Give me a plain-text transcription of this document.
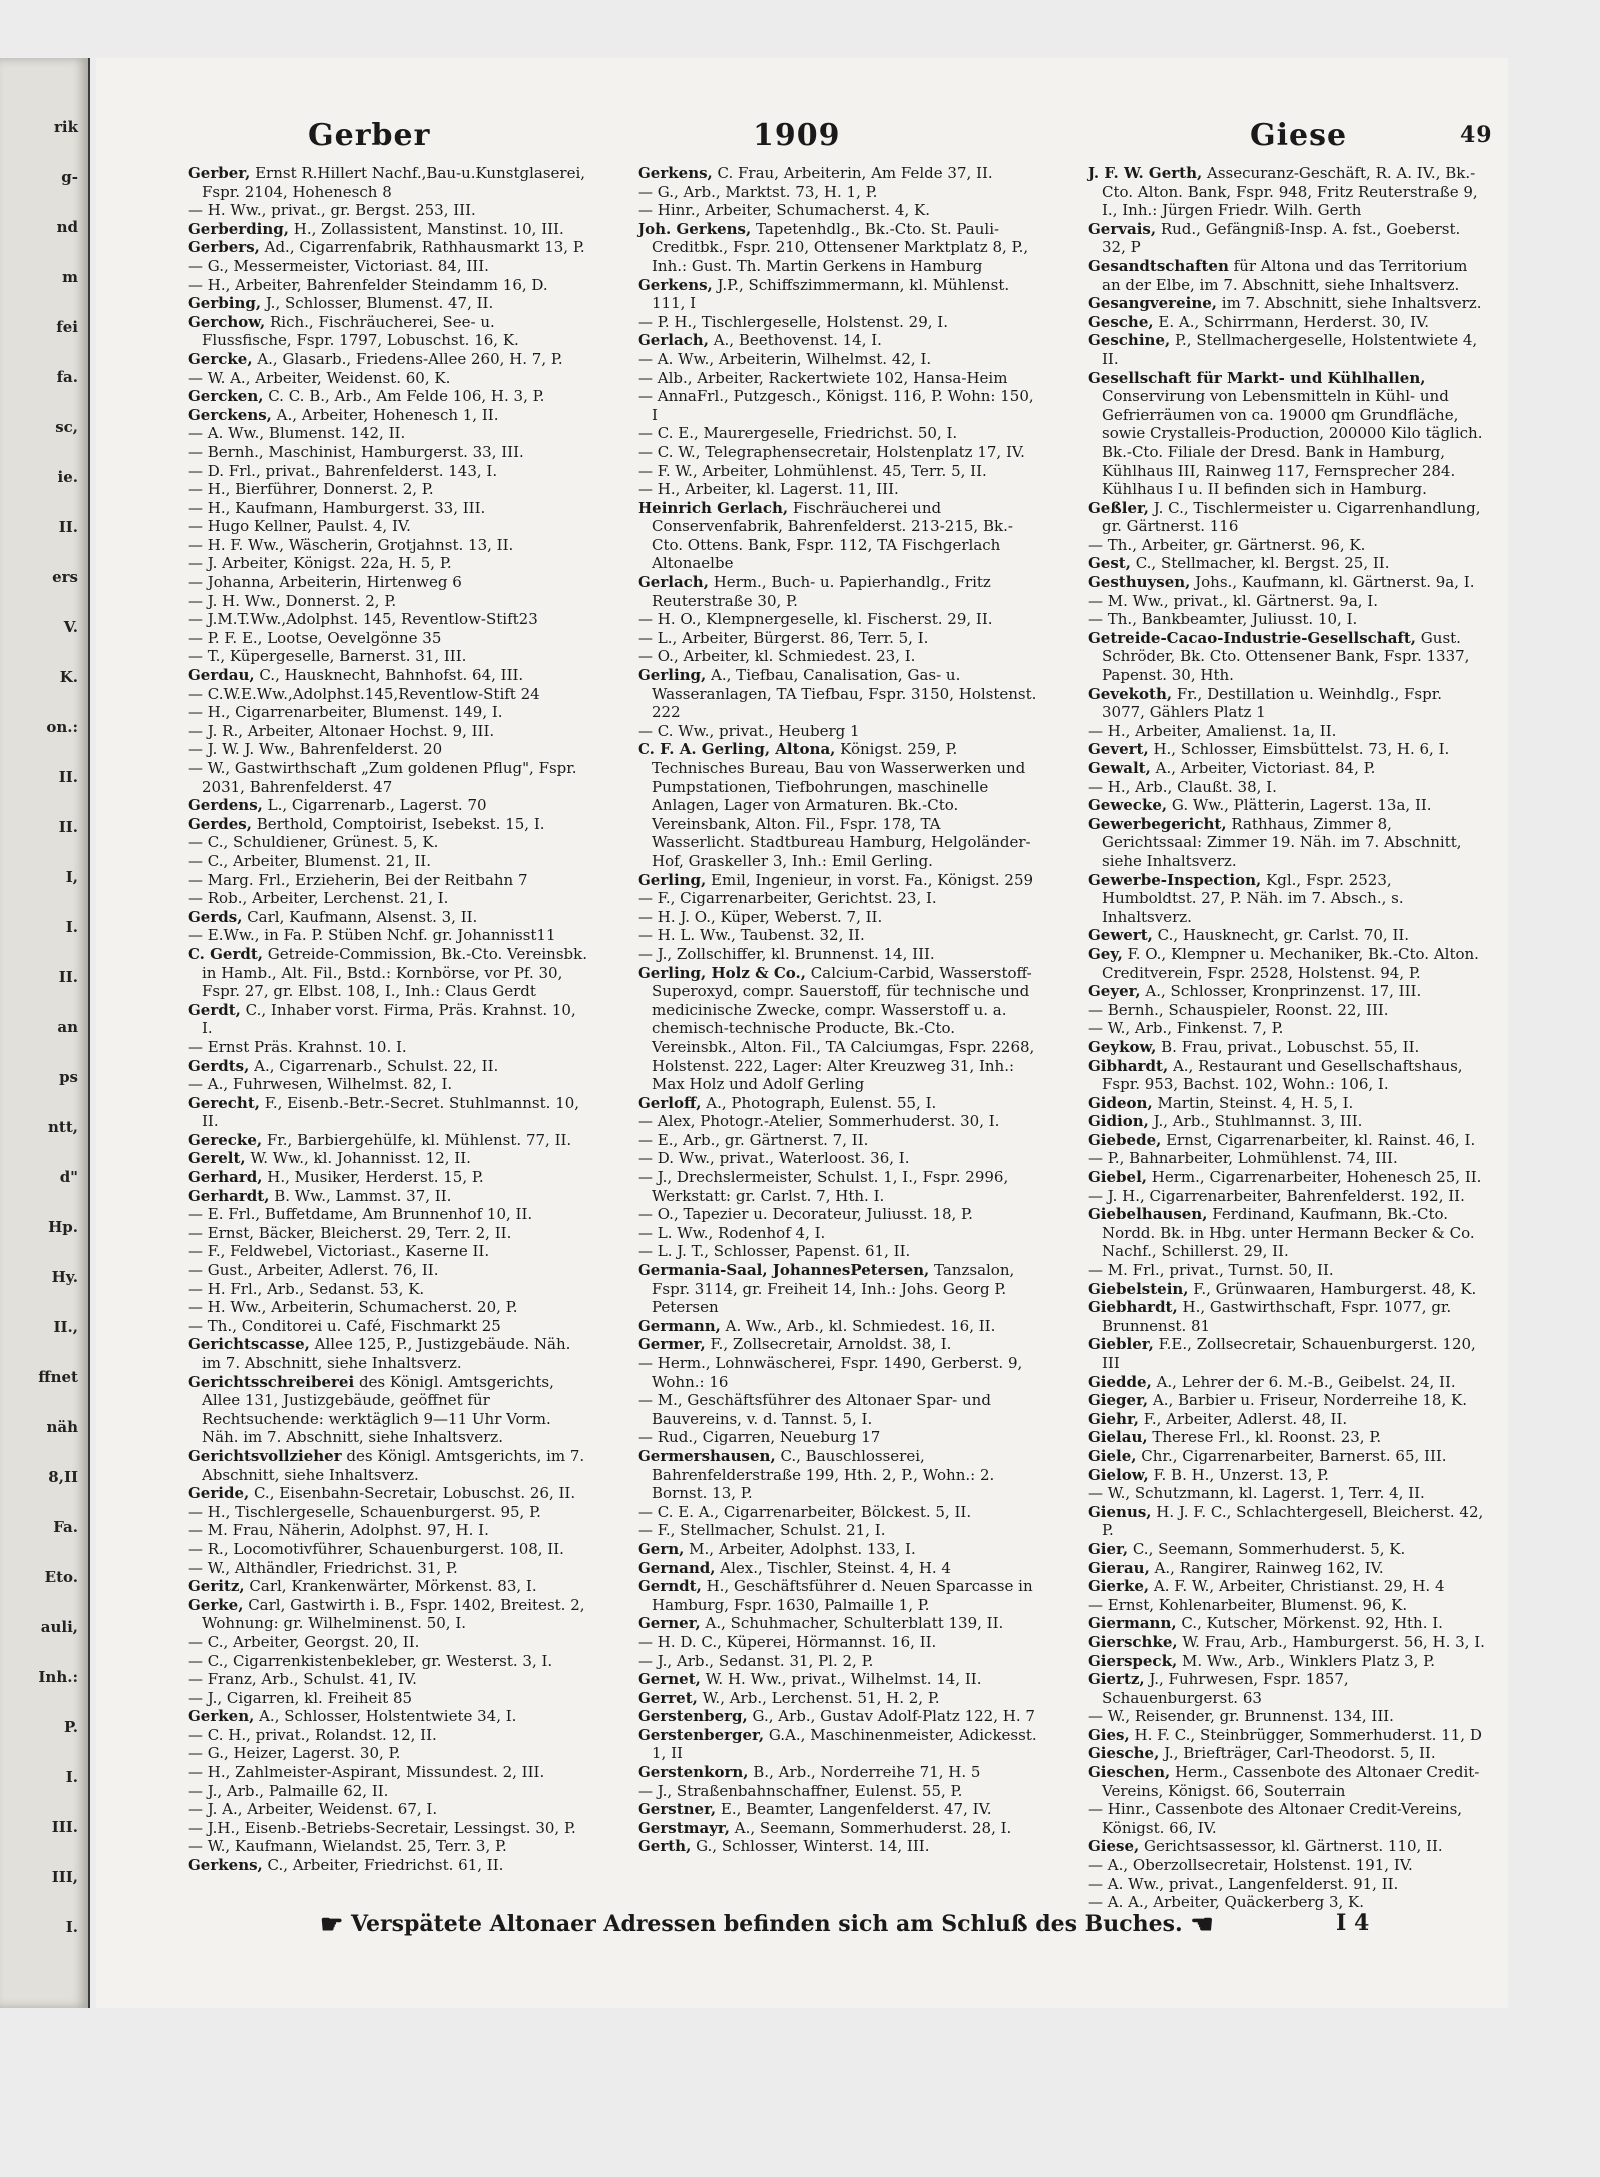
rik
g-
nd
m
fei
fa.
sc,
ie.
II.
ers
V.
K.
on.:
II.
II.
I,
I.
II.
an
ps
ntt,
d"
Hp.
Hy.
II.,
ffnet
näh
8,II
Fa.
Eto.
auli,
Inh.:
P.
I.
III.
III,
I.
Gerber	1909	Giese	49

Gerber, Ernst R.Hillert Nachf.,Bau-u.Kunstglaserei, Fspr. 2104, Hohenesch 8

— H. Ww., privat., gr. Bergst. 253, III.

Gerberding, H., Zollassistent, Manstinst. 10, III.

Gerbers, Ad., Cigarrenfabrik, Rathhausmarkt 13, P.

— G., Messermeister, Victoriast. 84, III.

— H., Arbeiter, Bahrenfelder Steindamm 16, D.

Gerbing, J., Schlosser, Blumenst. 47, II.

Gerchow, Rich., Fischräucherei, See- u. Flussfische, Fspr. 1797, Lobuschst. 16, K.

Gercke, A., Glasarb., Friedens-Allee 260, H. 7, P.

— W. A., Arbeiter, Weidenst. 60, K.

Gercken, C. C. B., Arb., Am Felde 106, H. 3, P.

Gerckens, A., Arbeiter, Hohenesch 1, II.

— A. Ww., Blumenst. 142, II.

— Bernh., Maschinist, Hamburgerst. 33, III.

— D. Frl., privat., Bahrenfelderst. 143, I.

— H., Bierführer, Donnerst. 2, P.

— H., Kaufmann, Hamburgerst. 33, III.

— Hugo Kellner, Paulst. 4, IV.

— H. F. Ww., Wäscherin, Grotjahnst. 13, II.

— J. Arbeiter, Königst. 22a, H. 5, P.

— Johanna, Arbeiterin, Hirtenweg 6

— J. H. Ww., Donnerst. 2, P.

— J.M.T.Ww.,Adolphst. 145, Reventlow-Stift23

— P. F. E., Lootse, Oevelgönne 35

— T., Küpergeselle, Barnerst. 31, III.

Gerdau, C., Hausknecht, Bahnhofst. 64, III.

— C.W.E.Ww.,Adolphst.145,Reventlow-Stift 24

— H., Cigarrenarbeiter, Blumenst. 149, I.

— J. R., Arbeiter, Altonaer Hochst. 9, III.

— J. W. J. Ww., Bahrenfelderst. 20

— W., Gastwirthschaft „Zum goldenen Pflug", Fspr. 2031, Bahrenfelderst. 47

Gerdens, L., Cigarrenarb., Lagerst. 70

Gerdes, Berthold, Comptoirist, Isebekst. 15, I.

— C., Schuldiener, Grünest. 5, K.

— C., Arbeiter, Blumenst. 21, II.

— Marg. Frl., Erzieherin, Bei der Reitbahn 7

— Rob., Arbeiter, Lerchenst. 21, I.

Gerds, Carl, Kaufmann, Alsenst. 3, II.

— E.Ww., in Fa. P. Stüben Nchf. gr. Johannisst11

C. Gerdt, Getreide-Commission, Bk.-Cto. Vereinsbk. in Hamb., Alt. Fil., Bstd.: Kornbörse, vor Pf. 30, Fspr. 27, gr. Elbst. 108, I., Inh.: Claus Gerdt

Gerdt, C., Inhaber vorst. Firma, Präs. Krahnst. 10, I.

— Ernst Präs. Krahnst. 10. I.

Gerdts, A., Cigarrenarb., Schulst. 22, II.

— A., Fuhrwesen, Wilhelmst. 82, I.

Gerecht, F., Eisenb.-Betr.-Secret. Stuhlmannst. 10, II.

Gerecke, Fr., Barbiergehülfe, kl. Mühlenst. 77, II.

Gerelt, W. Ww., kl. Johannisst. 12, II.

Gerhard, H., Musiker, Herderst. 15, P.

Gerhardt, B. Ww., Lammst. 37, II.

— E. Frl., Buffetdame, Am Brunnenhof 10, II.

— Ernst, Bäcker, Bleicherst. 29, Terr. 2, II.

— F., Feldwebel, Victoriast., Kaserne II.

— Gust., Arbeiter, Adlerst. 76, II.

— H. Frl., Arb., Sedanst. 53, K.

— H. Ww., Arbeiterin, Schumacherst. 20, P.

— Th., Conditorei u. Café, Fischmarkt 25

Gerichtscasse, Allee 125, P., Justizgebäude. Näh. im 7. Abschnitt, siehe Inhaltsverz.

Gerichtsschreiberei des Königl. Amtsgerichts, Allee 131, Justizgebäude, geöffnet für Rechtsuchende: werktäglich 9—11 Uhr Vorm. Näh. im 7. Abschnitt, siehe Inhaltsverz.

Gerichtsvollzieher des Königl. Amtsgerichts, im 7. Abschnitt, siehe Inhaltsverz.

Geride, C., Eisenbahn-Secretair, Lobuschst. 26, II.

— H., Tischlergeselle, Schauenburgerst. 95, P.

— M. Frau, Näherin, Adolphst. 97, H. I.

— R., Locomotivführer, Schauenburgerst. 108, II.

— W., Althändler, Friedrichst. 31, P.

Geritz, Carl, Krankenwärter, Mörkenst. 83, I.

Gerke, Carl, Gastwirth i. B., Fspr. 1402, Breitest. 2, Wohnung: gr. Wilhelminenst. 50, I.

— C., Arbeiter, Georgst. 20, II.

— C., Cigarrenkistenbekleber, gr. Westerst. 3, I.

— Franz, Arb., Schulst. 41, IV.

— J., Cigarren, kl. Freiheit 85

Gerken, A., Schlosser, Holstentwiete 34, I.

— C. H., privat., Rolandst. 12, II.

— G., Heizer, Lagerst. 30, P.

— H., Zahlmeister-Aspirant, Missundest. 2, III.

— J., Arb., Palmaille 62, II.

— J. A., Arbeiter, Weidenst. 67, I.

— J.H., Eisenb.-Betriebs-Secretair, Lessingst. 30, P.

— W., Kaufmann, Wielandst. 25, Terr. 3, P.

Gerkens, C., Arbeiter, Friedrichst. 61, II.

Gerkens, C. Frau, Arbeiterin, Am Felde 37, II.

— G., Arb., Marktst. 73, H. 1, P.

— Hinr., Arbeiter, Schumacherst. 4, K.

Joh. Gerkens, Tapetenhdlg., Bk.-Cto. St. Pauli-Creditbk., Fspr. 210, Ottensener Marktplatz 8, P., Inh.: Gust. Th. Martin Gerkens in Hamburg

Gerkens, J.P., Schiffszimmermann, kl. Mühlenst. 111, I

— P. H., Tischlergeselle, Holstenst. 29, I.

Gerlach, A., Beethovenst. 14, I.

— A. Ww., Arbeiterin, Wilhelmst. 42, I.

— Alb., Arbeiter, Rackertwiete 102, Hansa-Heim

— AnnaFrl., Putzgesch., Königst. 116, P. Wohn: 150, I

— C. E., Maurergeselle, Friedrichst. 50, I.

— C. W., Telegraphensecretair, Holstenplatz 17, IV.

— F. W., Arbeiter, Lohmühlenst. 45, Terr. 5, II.

— H., Arbeiter, kl. Lagerst. 11, III.

Heinrich Gerlach, Fischräucherei und Conservenfabrik, Bahrenfelderst. 213-215, Bk.-Cto. Ottens. Bank, Fspr. 112, TA Fischgerlach Altonaelbe

Gerlach, Herm., Buch- u. Papierhandlg., Fritz Reuterstraße 30, P.

— H. O., Klempnergeselle, kl. Fischerst. 29, II.

— L., Arbeiter, Bürgerst. 86, Terr. 5, I.

— O., Arbeiter, kl. Schmiedest. 23, I.

Gerling, A., Tiefbau, Canalisation, Gas- u. Wasseranlagen, TA Tiefbau, Fspr. 3150, Holstenst. 222

— C. Ww., privat., Heuberg 1

C. F. A. Gerling, Altona, Königst. 259, P. Technisches Bureau, Bau von Wasserwerken und Pumpstationen, Tiefbohrungen, maschinelle Anlagen, Lager von Armaturen. Bk.-Cto. Vereinsbank, Alton. Fil., Fspr. 178, TA Wasserlicht. Stadtbureau Hamburg, Helgoländer-Hof, Graskeller 3, Inh.: Emil Gerling.

Gerling, Emil, Ingenieur, in vorst. Fa., Königst. 259

— F., Cigarrenarbeiter, Gerichtst. 23, I.

— H. J. O., Küper, Weberst. 7, II.

— H. L. Ww., Taubenst. 32, II.

— J., Zollschiffer, kl. Brunnenst. 14, III.

Gerling, Holz & Co., Calcium-Carbid, Wasserstoff-Superoxyd, compr. Sauerstoff, für technische und medicinische Zwecke, compr. Wasserstoff u. a. chemisch-technische Producte, Bk.-Cto. Vereinsbk., Alton. Fil., TA Calciumgas, Fspr. 2268, Holstenst. 222, Lager: Alter Kreuzweg 31, Inh.: Max Holz und Adolf Gerling

Gerloff, A., Photograph, Eulenst. 55, I.

— Alex, Photogr.-Atelier, Sommerhuderst. 30, I.

— E., Arb., gr. Gärtnerst. 7, II.

— D. Ww., privat., Waterloost. 36, I.

— J., Drechslermeister, Schulst. 1, I., Fspr. 2996, Werkstatt: gr. Carlst. 7, Hth. I.

— O., Tapezier u. Decorateur, Juliusst. 18, P.

— L. Ww., Rodenhof 4, I.

— L. J. T., Schlosser, Papenst. 61, II.

Germania-Saal, JohannesPetersen, Tanzsalon, Fspr. 3114, gr. Freiheit 14, Inh.: Johs. Georg P. Petersen

Germann, A. Ww., Arb., kl. Schmiedest. 16, II.

Germer, F., Zollsecretair, Arnoldst. 38, I.

— Herm., Lohnwäscherei, Fspr. 1490, Gerberst. 9, Wohn.: 16

— M., Geschäftsführer des Altonaer Spar- und Bauvereins, v. d. Tannst. 5, I.

— Rud., Cigarren, Neueburg 17

Germershausen, C., Bauschlosserei, Bahrenfelderstraße 199, Hth. 2, P., Wohn.: 2. Bornst. 13, P.

— C. E. A., Cigarrenarbeiter, Bölckest. 5, II.

— F., Stellmacher, Schulst. 21, I.

Gern, M., Arbeiter, Adolphst. 133, I.

Gernand, Alex., Tischler, Steinst. 4, H. 4

Gerndt, H., Geschäftsführer d. Neuen Sparcasse in Hamburg, Fspr. 1630, Palmaille 1, P.

Gerner, A., Schuhmacher, Schulterblatt 139, II.

— H. D. C., Küperei, Hörmannst. 16, II.

— J., Arb., Sedanst. 31, Pl. 2, P.

Gernet, W. H. Ww., privat., Wilhelmst. 14, II.

Gerret, W., Arb., Lerchenst. 51, H. 2, P.

Gerstenberg, G., Arb., Gustav Adolf-Platz 122, H. 7

Gerstenberger, G.A., Maschinenmeister, Adickesst. 1, II

Gerstenkorn, B., Arb., Norderreihe 71, H. 5

— J., Straßenbahnschaffner, Eulenst. 55, P.

Gerstner, E., Beamter, Langenfelderst. 47, IV.

Gerstmayr, A., Seemann, Sommerhuderst. 28, I.

Gerth, G., Schlosser, Winterst. 14, III.

J. F. W. Gerth, Assecuranz-Geschäft, R. A. IV., Bk.-Cto. Alton. Bank, Fspr. 948, Fritz Reuterstraße 9, I., Inh.: Jürgen Friedr. Wilh. Gerth

Gervais, Rud., Gefängniß-Insp. A. fst., Goeberst. 32, P

Gesandtschaften für Altona und das Territorium an der Elbe, im 7. Abschnitt, siehe Inhaltsverz.

Gesangvereine, im 7. Abschnitt, siehe Inhaltsverz.

Gesche, E. A., Schirrmann, Herderst. 30, IV.

Geschine, P., Stellmachergeselle, Holstentwiete 4, II.

Gesellschaft für Markt- und Kühlhallen, Conservirung von Lebensmitteln in Kühl- und Gefrierräumen von ca. 19000 qm Grundfläche, sowie Crystalleis-Production, 200000 Kilo täglich. Bk.-Cto. Filiale der Dresd. Bank in Hamburg, Kühlhaus III, Rainweg 117, Fernsprecher 284. Kühlhaus I u. II befinden sich in Hamburg.

Geßler, J. C., Tischlermeister u. Cigarrenhandlung, gr. Gärtnerst. 116

— Th., Arbeiter, gr. Gärtnerst. 96, K.

Gest, C., Stellmacher, kl. Bergst. 25, II.

Gesthuysen, Johs., Kaufmann, kl. Gärtnerst. 9a, I.

— M. Ww., privat., kl. Gärtnerst. 9a, I.

— Th., Bankbeamter, Juliusst. 10, I.

Getreide-Cacao-Industrie-Gesellschaft, Gust. Schröder, Bk. Cto. Ottensener Bank, Fspr. 1337, Papenst. 30, Hth.

Gevekoth, Fr., Destillation u. Weinhdlg., Fspr. 3077, Gählers Platz 1

— H., Arbeiter, Amalienst. 1a, II.

Gevert, H., Schlosser, Eimsbüttelst. 73, H. 6, I.

Gewalt, A., Arbeiter, Victoriast. 84, P.

— H., Arb., Claußt. 38, I.

Gewecke, G. Ww., Plätterin, Lagerst. 13a, II.

Gewerbegericht, Rathhaus, Zimmer 8, Gerichtssaal: Zimmer 19. Näh. im 7. Abschnitt, siehe Inhaltsverz.

Gewerbe-Inspection, Kgl., Fspr. 2523, Humboldtst. 27, P. Näh. im 7. Absch., s. Inhaltsverz.

Gewert, C., Hausknecht, gr. Carlst. 70, II.

Gey, F. O., Klempner u. Mechaniker, Bk.-Cto. Alton. Creditverein, Fspr. 2528, Holstenst. 94, P.

Geyer, A., Schlosser, Kronprinzenst. 17, III.

— Bernh., Schauspieler, Roonst. 22, III.

— W., Arb., Finkenst. 7, P.

Geykow, B. Frau, privat., Lobuschst. 55, II.

Gibhardt, A., Restaurant und Gesellschaftshaus, Fspr. 953, Bachst. 102, Wohn.: 106, I.

Gideon, Martin, Steinst. 4, H. 5, I.

Gidion, J., Arb., Stuhlmannst. 3, III.

Giebede, Ernst, Cigarrenarbeiter, kl. Rainst. 46, I.

— P., Bahnarbeiter, Lohmühlenst. 74, III.

Giebel, Herm., Cigarrenarbeiter, Hohenesch 25, II.

— J. H., Cigarrenarbeiter, Bahrenfelderst. 192, II.

Giebelhausen, Ferdinand, Kaufmann, Bk.-Cto. Nordd. Bk. in Hbg. unter Hermann Becker & Co. Nachf., Schillerst. 29, II.

— M. Frl., privat., Turnst. 50, II.

Giebelstein, F., Grünwaaren, Hamburgerst. 48, K.

Giebhardt, H., Gastwirthschaft, Fspr. 1077, gr. Brunnenst. 81

Giebler, F.E., Zollsecretair, Schauenburgerst. 120, III

Giedde, A., Lehrer der 6. M.-B., Geibelst. 24, II.

Gieger, A., Barbier u. Friseur, Norderreihe 18, K.

Giehr, F., Arbeiter, Adlerst. 48, II.

Gielau, Therese Frl., kl. Roonst. 23, P.

Giele, Chr., Cigarrenarbeiter, Barnerst. 65, III.

Gielow, F. B. H., Unzerst. 13, P.

— W., Schutzmann, kl. Lagerst. 1, Terr. 4, II.

Gienus, H. J. F. C., Schlachtergesell, Bleicherst. 42, P.

Gier, C., Seemann, Sommerhuderst. 5, K.

Gierau, A., Rangirer, Rainweg 162, IV.

Gierke, A. F. W., Arbeiter, Christianst. 29, H. 4

— Ernst, Kohlenarbeiter, Blumenst. 96, K.

Giermann, C., Kutscher, Mörkenst. 92, Hth. I.

Gierschke, W. Frau, Arb., Hamburgerst. 56, H. 3, I.

Gierspeck, M. Ww., Arb., Winklers Platz 3, P.

Giertz, J., Fuhrwesen, Fspr. 1857, Schauenburgerst. 63

— W., Reisender, gr. Brunnenst. 134, III.

Gies, H. F. C., Steinbrügger, Sommerhuderst. 11, D

Giesche, J., Briefträger, Carl-Theodorst. 5, II.

Gieschen, Herm., Cassenbote des Altonaer Credit-Vereins, Königst. 66, Souterrain

— Hinr., Cassenbote des Altonaer Credit-Vereins, Königst. 66, IV.

Giese, Gerichtsassessor, kl. Gärtnerst. 110, II.

— A., Oberzollsecretair, Holstenst. 191, IV.

— A. Ww., privat., Langenfelderst. 91, II.

— A. A., Arbeiter, Quäckerberg 3, K.

☛ Verspätete Altonaer Adressen befinden sich am Schluß des Buches. ☚	I 4
